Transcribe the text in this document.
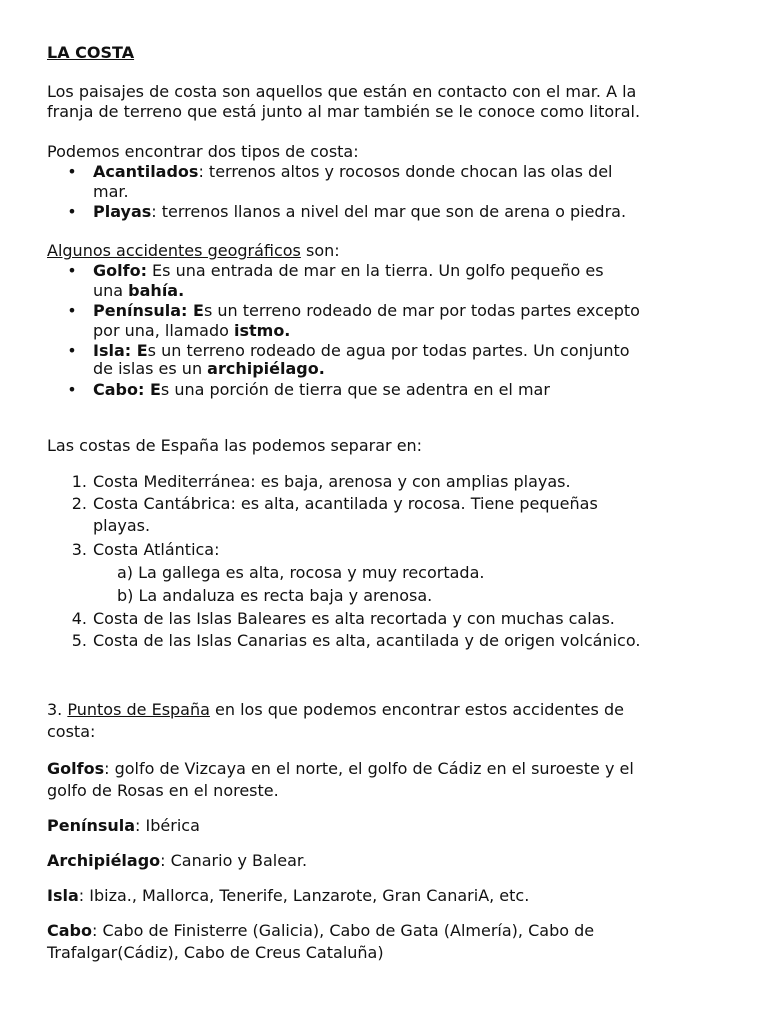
LA COSTA
Los paisajes de costa son aquellos que están en contacto con el mar. A la
franja de terreno que está junto al mar también se le conoce como litoral.
Podemos encontrar dos tipos de costa:
• Acantilados: terrenos altos y rocosos donde chocan las olas del
mar.
• Playas: terrenos llanos a nivel del mar que son de arena o piedra.
Algunos accidentes geográficos son:
• Golfo: Es una entrada de mar en la tierra. Un golfo pequeño es
una bahía.
• Península: Es un terreno rodeado de mar por todas partes excepto
por una, llamado istmo.
• Isla: Es un terreno rodeado de agua por todas partes. Un conjunto
de islas es un archipiélago.
• Cabo: Es una porción de tierra que se adentra en el mar
Las costas de España las podemos separar en:
1. Costa Mediterránea: es baja, arenosa y con amplias playas.
2. Costa Cantábrica: es alta, acantilada y rocosa. Tiene pequeñas
playas.
3. Costa Atlántica:
a) La gallega es alta, rocosa y muy recortada.
b) La andaluza es recta baja y arenosa.
4. Costa de las Islas Baleares es alta recortada y con muchas calas.
5. Costa de las Islas Canarias es alta, acantilada y de origen volcánico.
3. Puntos de España en los que podemos encontrar estos accidentes de
costa:
Golfos: golfo de Vizcaya en el norte, el golfo de Cádiz en el suroeste y el
golfo de Rosas en el noreste.
Península: Ibérica
Archipiélago: Canario y Balear.
Isla: Ibiza., Mallorca, Tenerife, Lanzarote, Gran CanariA, etc.
Cabo: Cabo de Finisterre (Galicia), Cabo de Gata (Almería), Cabo de
Trafalgar(Cádiz), Cabo de Creus Cataluña)
